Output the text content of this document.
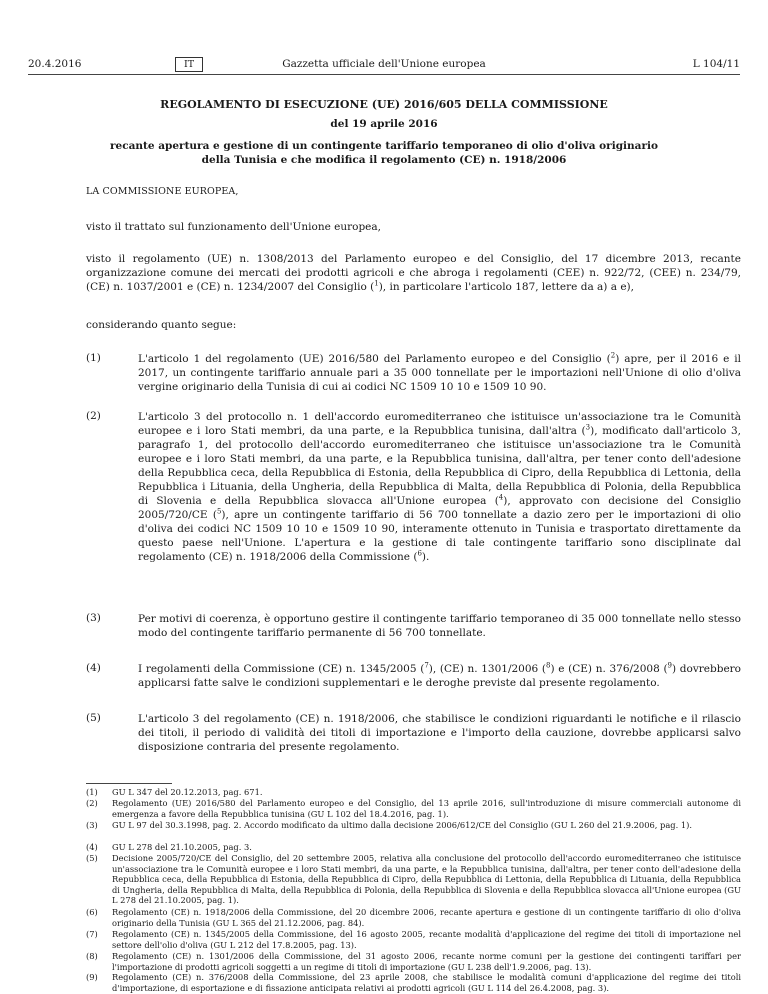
20.4.2016	IT	Gazzetta ufficiale dell'Unione europea	L 104/11
REGOLAMENTO DI ESECUZIONE (UE) 2016/605 DELLA COMMISSIONE
del 19 aprile 2016
recante apertura e gestione di un contingente tariffario temporaneo di olio d'oliva originario della Tunisia e che modifica il regolamento (CE) n. 1918/2006
LA COMMISSIONE EUROPEA,
visto il trattato sul funzionamento dell'Unione europea,
visto il regolamento (UE) n. 1308/2013 del Parlamento europeo e del Consiglio, del 17 dicembre 2013, recante organizzazione comune dei mercati dei prodotti agricoli e che abroga i regolamenti (CEE) n. 922/72, (CEE) n. 234/79, (CE) n. 1037/2001 e (CE) n. 1234/2007 del Consiglio ($^1$), in particolare l'articolo 187, lettere da a) a e),
considerando quanto segue:
(1)	L'articolo 1 del regolamento (UE) 2016/580 del Parlamento europeo e del Consiglio ($^2$) apre, per il 2016 e il 2017, un contingente tariffario annuale pari a 35 000 tonnellate per le importazioni nell'Unione di olio d'oliva vergine originario della Tunisia di cui ai codici NC 1509 10 10 e 1509 10 90.
(2)	L'articolo 3 del protocollo n. 1 dell'accordo euromediterraneo che istituisce un'associazione tra le Comunità europee e i loro Stati membri, da una parte, e la Repubblica tunisina, dall'altra ($^3$), modificato dall'articolo 3, paragrafo 1, del protocollo dell'accordo euromediterraneo che istituisce un'associazione tra le Comunità europee e i loro Stati membri, da una parte, e la Repubblica tunisina, dall'altra, per tener conto dell'adesione della Repubblica ceca, della Repubblica di Estonia, della Repubblica di Cipro, della Repubblica di Lettonia, della Repubblica i Lituania, della Ungheria, della Repubblica di Malta, della Repubblica di Polonia, della Repubblica di Slovenia e della Repubblica slovacca all'Unione europea ($^4$), approvato con decisione del Consiglio 2005/720/CE ($^5$), apre un contingente tariffario di 56 700 tonnellate a dazio zero per le importazioni di olio d'oliva dei codici NC 1509 10 10 e 1509 10 90, interamente ottenuto in Tunisia e trasportato direttamente da questo paese nell'Unione. L'apertura e la gestione di tale contingente tariffario sono disciplinate dal regolamento (CE) n. 1918/2006 della Commissione ($^6$).
(3)	Per motivi di coerenza, è opportuno gestire il contingente tariffario temporaneo di 35 000 tonnellate nello stesso modo del contingente tariffario permanente di 56 700 tonnellate.
(4)	I regolamenti della Commissione (CE) n. 1345/2005 ($^7$), (CE) n. 1301/2006 ($^8$) e (CE) n. 376/2008 ($^9$) dovrebbero applicarsi fatte salve le condizioni supplementari e le deroghe previste dal presente regolamento.
(5)	L'articolo 3 del regolamento (CE) n. 1918/2006, che stabilisce le condizioni riguardanti le notifiche e il rilascio dei titoli, il periodo di validità dei titoli di importazione e l'importo della cauzione, dovrebbe applicarsi salvo disposizione contraria del presente regolamento.
(1) GU L 347 del 20.12.2013, pag. 671.
(2) Regolamento (UE) 2016/580 del Parlamento europeo e del Consiglio, del 13 aprile 2016, sull'introduzione di misure commerciali autonome di emergenza a favore della Repubblica tunisina (GU L 102 del 18.4.2016, pag. 1).
(3) GU L 97 del 30.3.1998, pag. 2. Accordo modificato da ultimo dalla decisione 2006/612/CE del Consiglio (GU L 260 del 21.9.2006, pag. 1).
(4) GU L 278 del 21.10.2005, pag. 3.
(5) Decisione 2005/720/CE del Consiglio, del 20 settembre 2005, relativa alla conclusione del protocollo dell'accordo euromediterraneo che istituisce un'associazione tra le Comunità europee e i loro Stati membri, da una parte, e la Repubblica tunisina, dall'altra, per tener conto dell'adesione della Repubblica ceca, della Repubblica di Estonia, della Repubblica di Cipro, della Repubblica di Lettonia, della Repubblica di Lituania, della Repubblica di Ungheria, della Repubblica di Malta, della Repubblica di Polonia, della Repubblica di Slovenia e della Repubblica slovacca all'Unione europea (GU L 278 del 21.10.2005, pag. 1).
(6) Regolamento (CE) n. 1918/2006 della Commissione, del 20 dicembre 2006, recante apertura e gestione di un contingente tariffario di olio d'oliva originario della Tunisia (GU L 365 del 21.12.2006, pag. 84).
(7) Regolamento (CE) n. 1345/2005 della Commissione, del 16 agosto 2005, recante modalità d'applicazione del regime dei titoli di importazione nel settore dell'olio d'oliva (GU L 212 del 17.8.2005, pag. 13).
(8) Regolamento (CE) n. 1301/2006 della Commissione, del 31 agosto 2006, recante norme comuni per la gestione dei contingenti tariffari per l'importazione di prodotti agricoli soggetti a un regime di titoli di importazione (GU L 238 dell'1.9.2006, pag. 13).
(9) Regolamento (CE) n. 376/2008 della Commissione, del 23 aprile 2008, che stabilisce le modalità comuni d'applicazione del regime dei titoli d'importazione, di esportazione e di fissazione anticipata relativi ai prodotti agricoli (GU L 114 del 26.4.2008, pag. 3).
